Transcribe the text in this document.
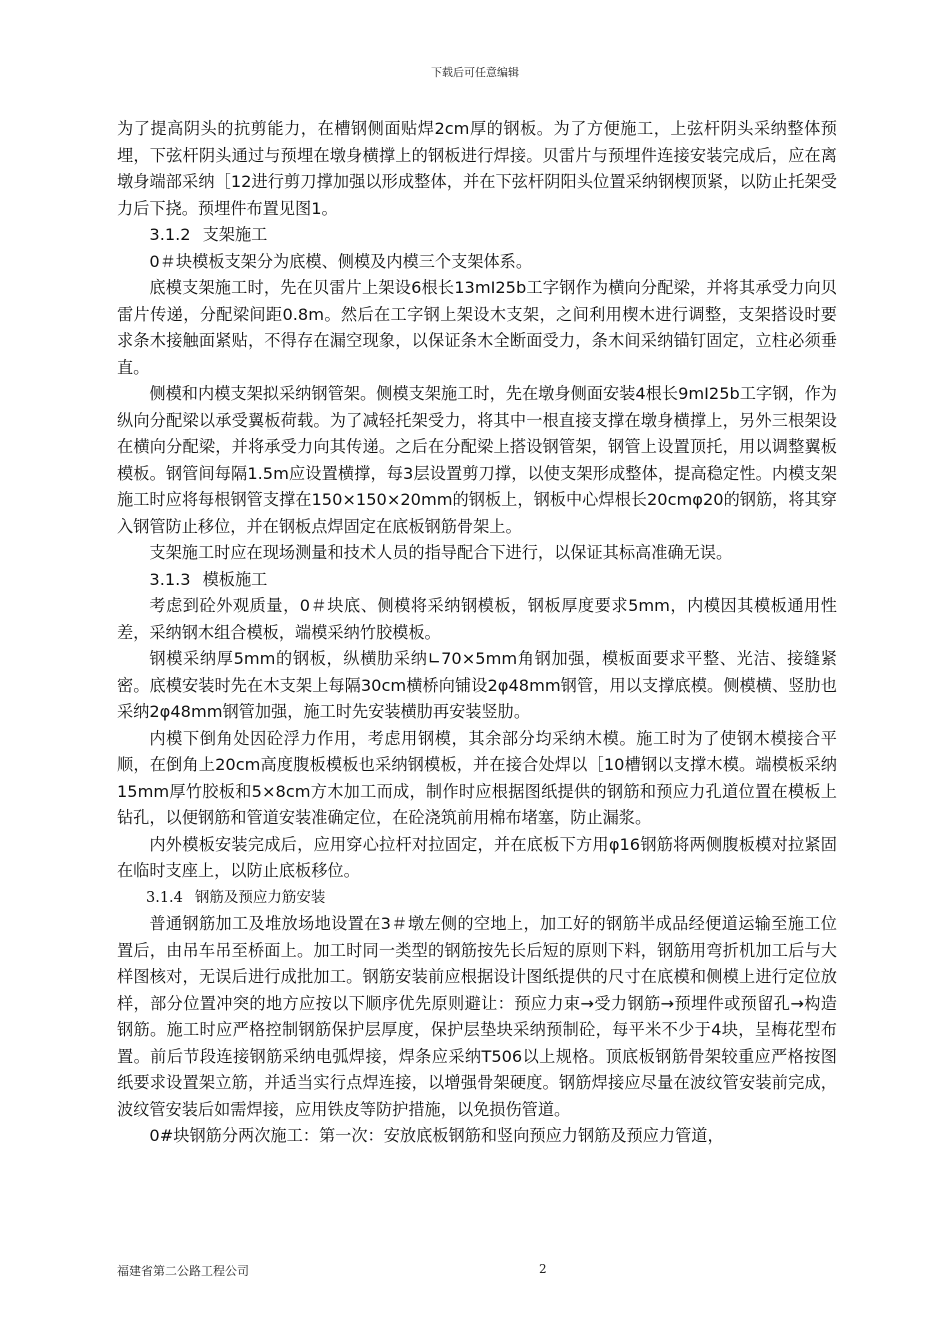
下载后可任意编辑

为了提高阴头的抗剪能力，在槽钢侧面贴焊2cm厚的钢板。为了方便施工，上弦杆阴头采纳整体预埋，下弦杆阴头通过与预埋在墩身横撑上的钢板进行焊接。贝雷片与预埋件连接安装完成后，应在离墩身端部采纳［12进行剪刀撑加强以形成整体，并在下弦杆阴阳头位置采纳钢楔顶紧，以防止托架受力后下挠。预埋件布置见图1。

3.1.2 支架施工

0＃块模板支架分为底模、侧模及内模三个支架体系。

底模支架施工时，先在贝雷片上架设6根长13mI25b工字钢作为横向分配梁，并将其承受力向贝雷片传递，分配梁间距0.8m。然后在工字钢上架设木支架，之间利用楔木进行调整，支架搭设时要求条木接触面紧贴，不得存在漏空现象，以保证条木全断面受力，条木间采纳锚钉固定，立柱必须垂直。

侧模和内模支架拟采纳钢管架。侧模支架施工时，先在墩身侧面安装4根长9mI25b工字钢，作为纵向分配梁以承受翼板荷载。为了减轻托架受力，将其中一根直接支撑在墩身横撑上，另外三根架设在横向分配梁，并将承受力向其传递。之后在分配梁上搭设钢管架，钢管上设置顶托，用以调整翼板模板。钢管间每隔1.5m应设置横撑，每3层设置剪刀撑，以使支架形成整体，提高稳定性。内模支架施工时应将每根钢管支撑在150×150×20mm的钢板上，钢板中心焊根长20cmφ20的钢筋，将其穿入钢管防止移位，并在钢板点焊固定在底板钢筋骨架上。

支架施工时应在现场测量和技术人员的指导配合下进行，以保证其标高准确无误。

3.1.3 模板施工

考虑到砼外观质量，0＃块底、侧模将采纳钢模板，钢板厚度要求5mm，内模因其模板通用性差，采纳钢木组合模板，端模采纳竹胶模板。

钢模采纳厚5mm的钢板，纵横肋采纳∟70×5mm角钢加强，模板面要求平整、光洁、接缝紧密。底模安装时先在木支架上每隔30cm横桥向铺设2φ48mm钢管，用以支撑底模。侧模横、竖肋也采纳2φ48mm钢管加强，施工时先安装横肋再安装竖肋。

内模下倒角处因砼浮力作用，考虑用钢模，其余部分均采纳木模。施工时为了使钢木模接合平顺，在倒角上20cm高度腹板模板也采纳钢模板，并在接合处焊以［10槽钢以支撑木模。端模板采纳15mm厚竹胶板和5×8cm方木加工而成，制作时应根据图纸提供的钢筋和预应力孔道位置在模板上钻孔，以便钢筋和管道安装准确定位，在砼浇筑前用棉布堵塞，防止漏浆。

内外模板安装完成后，应用穿心拉杆对拉固定，并在底板下方用φ16钢筋将两侧腹板模对拉紧固在临时支座上，以防止底板移位。

3.1.4 钢筋及预应力筋安装

普通钢筋加工及堆放场地设置在3＃墩左侧的空地上，加工好的钢筋半成品经便道运输至施工位置后，由吊车吊至桥面上。加工时同一类型的钢筋按先长后短的原则下料，钢筋用弯折机加工后与大样图核对，无误后进行成批加工。钢筋安装前应根据设计图纸提供的尺寸在底模和侧模上进行定位放样，部分位置冲突的地方应按以下顺序优先原则避让：预应力束→受力钢筋→预埋件或预留孔→构造钢筋。施工时应严格控制钢筋保护层厚度，保护层垫块采纳预制砼，每平米不少于4块，呈梅花型布置。前后节段连接钢筋采纳电弧焊接，焊条应采纳T506以上规格。顶底板钢筋骨架较重应严格按图纸要求设置架立筋，并适当实行点焊连接，以增强骨架硬度。钢筋焊接应尽量在波纹管安装前完成，波纹管安装后如需焊接，应用铁皮等防护措施，以免损伤管道。

0#块钢筋分两次施工：第一次：安放底板钢筋和竖向预应力钢筋及预应力管道，

福建省第二公路工程公司	2
